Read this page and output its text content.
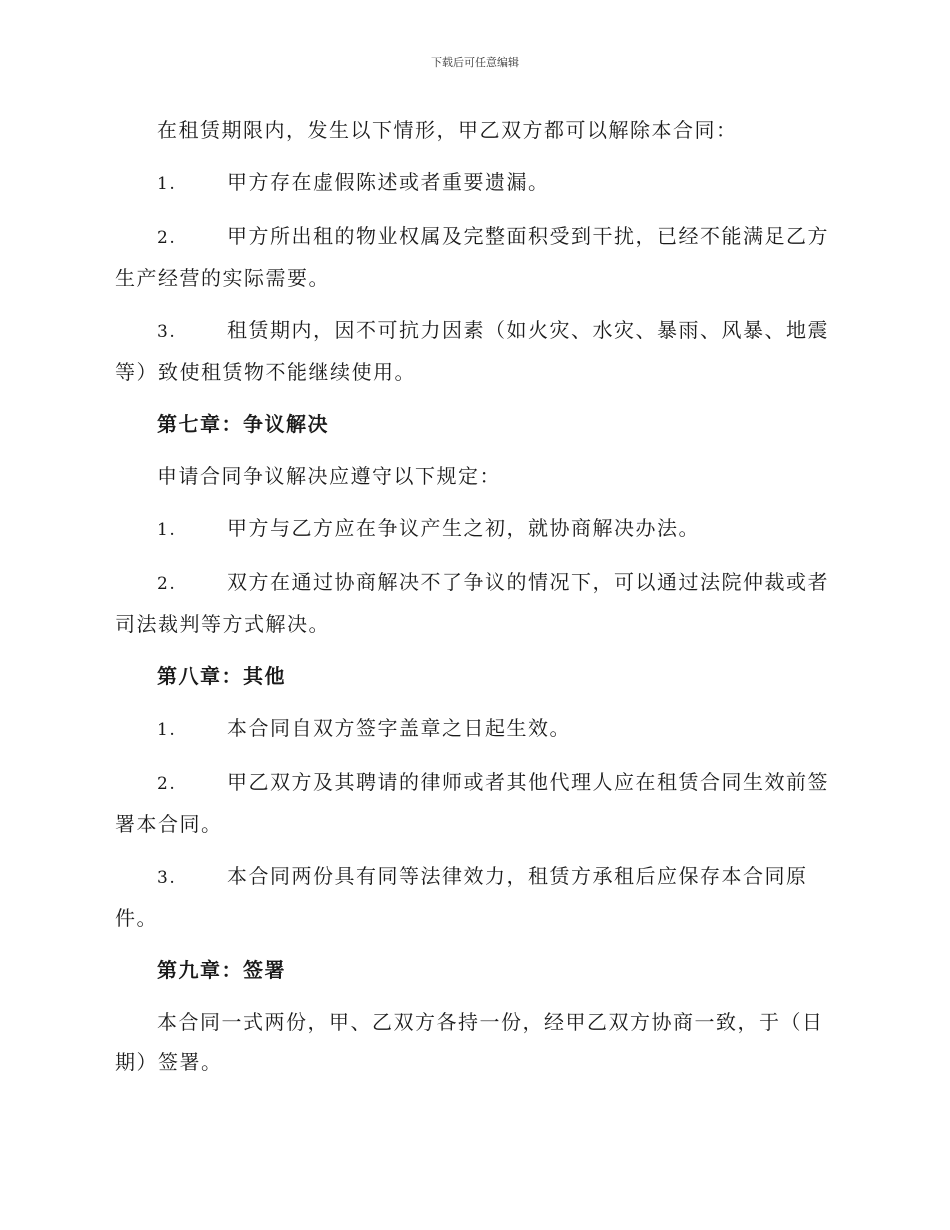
下载后可任意编辑

在租赁期限内，发生以下情形，甲乙双方都可以解除本合同：

1.	甲方存在虚假陈述或者重要遗漏。

2.	甲方所出租的物业权属及完整面积受到干扰，已经不能满足乙方生产经营的实际需要。

3.	租赁期内，因不可抗力因素（如火灾、水灾、暴雨、风暴、地震等）致使租赁物不能继续使用。

第七章：争议解决

申请合同争议解决应遵守以下规定：

1.	甲方与乙方应在争议产生之初，就协商解决办法。

2.	双方在通过协商解决不了争议的情况下，可以通过法院仲裁或者司法裁判等方式解决。

第八章：其他

1.	本合同自双方签字盖章之日起生效。

2.	甲乙双方及其聘请的律师或者其他代理人应在租赁合同生效前签署本合同。

3.	本合同两份具有同等法律效力，租赁方承租后应保存本合同原件。

第九章：签署

本合同一式两份，甲、乙双方各持一份，经甲乙双方协商一致，于（日期）签署。
